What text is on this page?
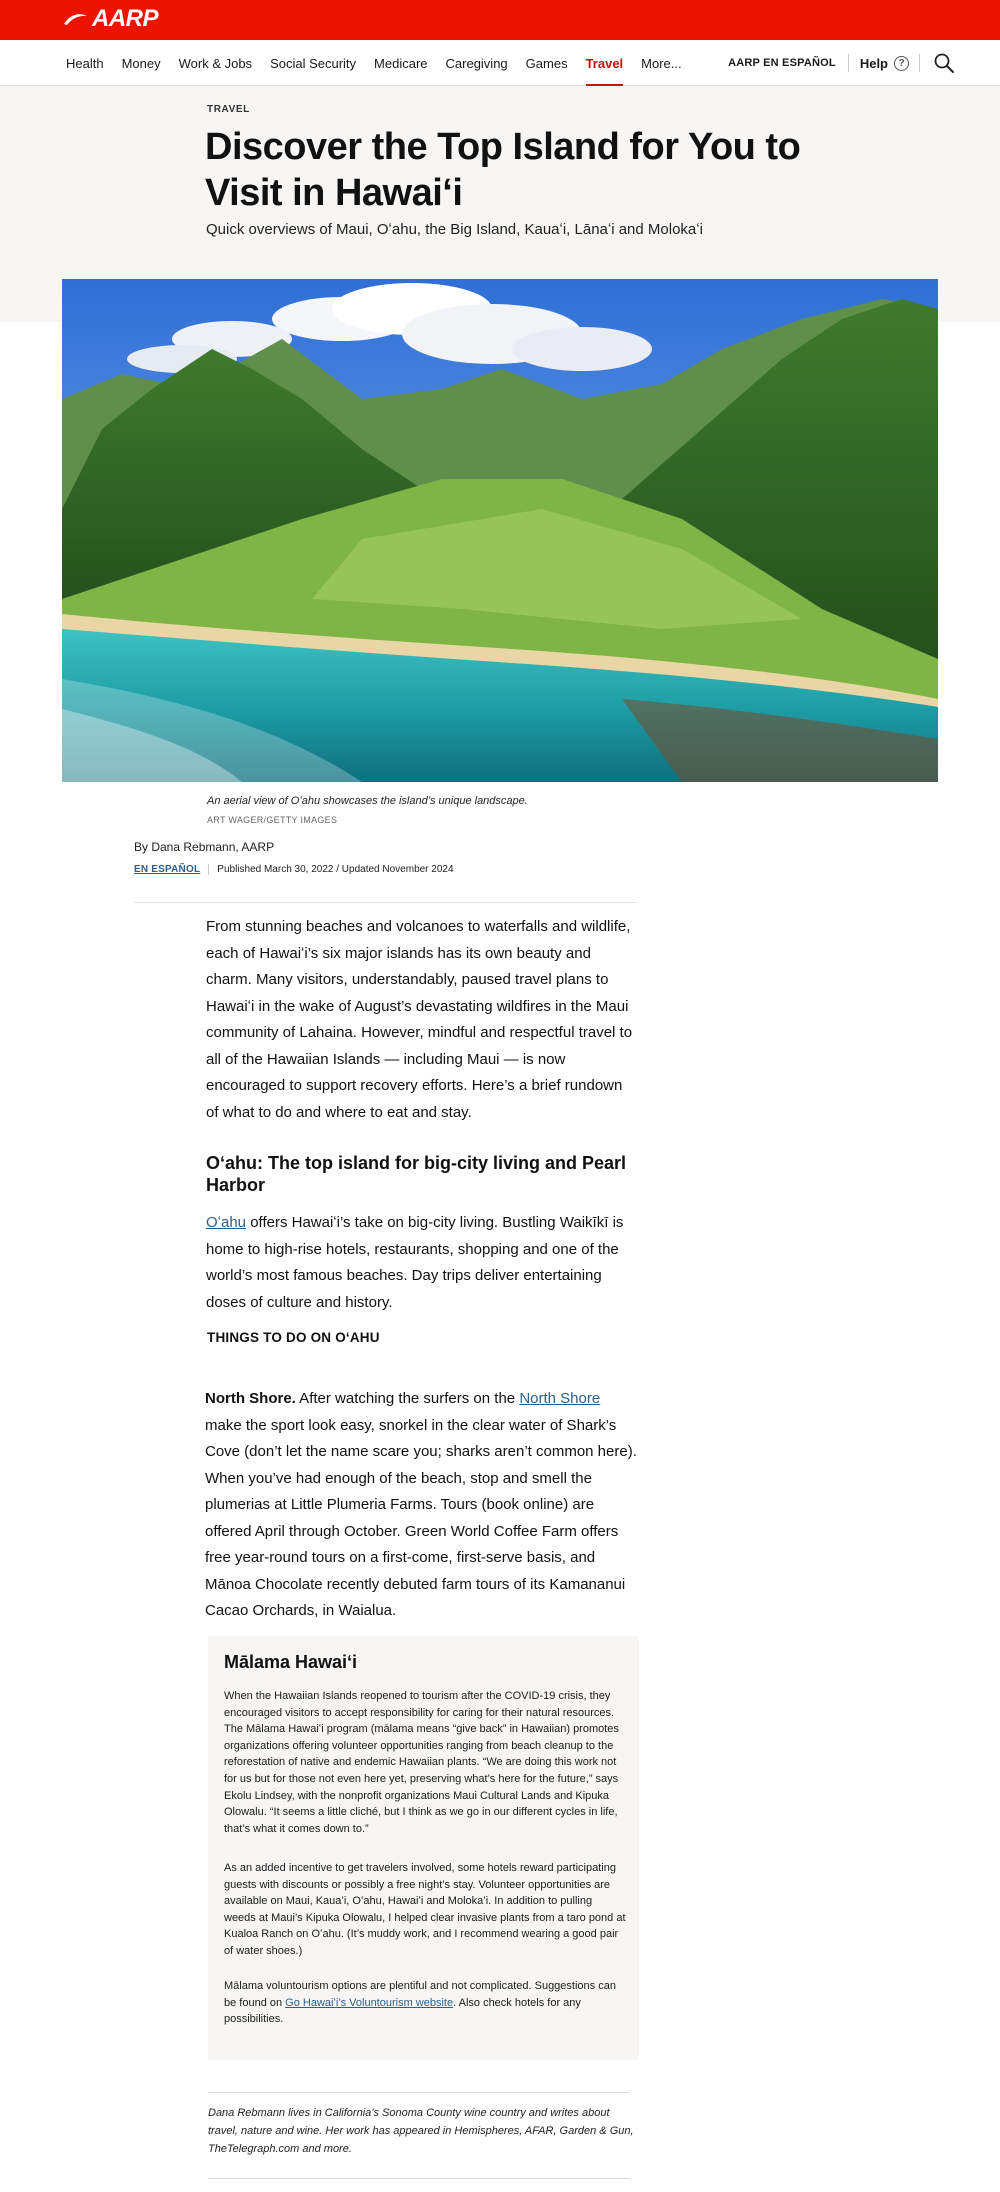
AARP
Health	Money	Work & Jobs	Social Security	Medicare	Caregiving	Games	Travel	More...	AARP EN ESPAÑOL	Help	?
TRAVEL
Discover the Top Island for You to Visit in Hawaiʻi
Quick overviews of Maui, Oʻahu, the Big Island, Kauaʻi, Lānaʻi and Molokaʻi
An aerial view of Oʻahu showcases the island’s unique landscape.
ART WAGER/GETTY IMAGES
By Dana Rebmann, AARP
EN ESPAÑOL	Published March 30, 2022 / Updated November 2024

From stunning beaches and volcanoes to waterfalls and wildlife, each of Hawaiʻi’s six major islands has its own beauty and charm. Many visitors, understandably, paused travel plans to Hawaiʻi in the wake of August’s devastating wildfires in the Maui community of Lahaina. However, mindful and respectful travel to all of the Hawaiian Islands — including Maui — is now encouraged to support recovery efforts. Here’s a brief rundown of what to do and where to eat and stay.

Oʻahu: The top island for big-city living and Pearl Harbor

Oʻahu offers Hawaiʻi’s take on big-city living. Bustling Waikīkī is home to high-rise hotels, restaurants, shopping and one of the world’s most famous beaches. Day trips deliver entertaining doses of culture and history.

THINGS TO DO ON OʻAHU

North Shore. After watching the surfers on the North Shore make the sport look easy, snorkel in the clear water of Shark’s Cove (don’t let the name scare you; sharks aren’t common here). When you’ve had enough of the beach, stop and smell the plumerias at Little Plumeria Farms. Tours (book online) are offered April through October. Green World Coffee Farm offers free year-round tours on a first-come, first-serve basis, and Mānoa Chocolate recently debuted farm tours of its Kamananui Cacao Orchards, in Waialua.

Mālama Hawaiʻi

When the Hawaiian Islands reopened to tourism after the COVID-19 crisis, they encouraged visitors to accept responsibility for caring for their natural resources. The Mālama Hawaiʻi program (mālama means “give back” in Hawaiian) promotes organizations offering volunteer opportunities ranging from beach cleanup to the reforestation of native and endemic Hawaiian plants. “We are doing this work not for us but for those not even here yet, preserving what’s here for the future,” says Ekolu Lindsey, with the nonprofit organizations Maui Cultural Lands and Kipuka Olowalu. “It seems a little cliché, but I think as we go in our different cycles in life, that’s what it comes down to.”

As an added incentive to get travelers involved, some hotels reward participating guests with discounts or possibly a free night’s stay. Volunteer opportunities are available on Maui, Kauaʻi, Oʻahu, Hawaiʻi and Molokaʻi. In addition to pulling weeds at Maui’s Kipuka Olowalu, I helped clear invasive plants from a taro pond at Kualoa Ranch on Oʻahu. (It’s muddy work, and I recommend wearing a good pair of water shoes.)

Mālama voluntourism options are plentiful and not complicated. Suggestions can be found on Go Hawaiʻi’s Voluntourism website. Also check hotels for any possibilities.

Dana Rebmann lives in California’s Sonoma County wine country and writes about travel, nature and wine. Her work has appeared in Hemispheres, AFAR, Garden & Gun, TheTelegraph.com and more.
